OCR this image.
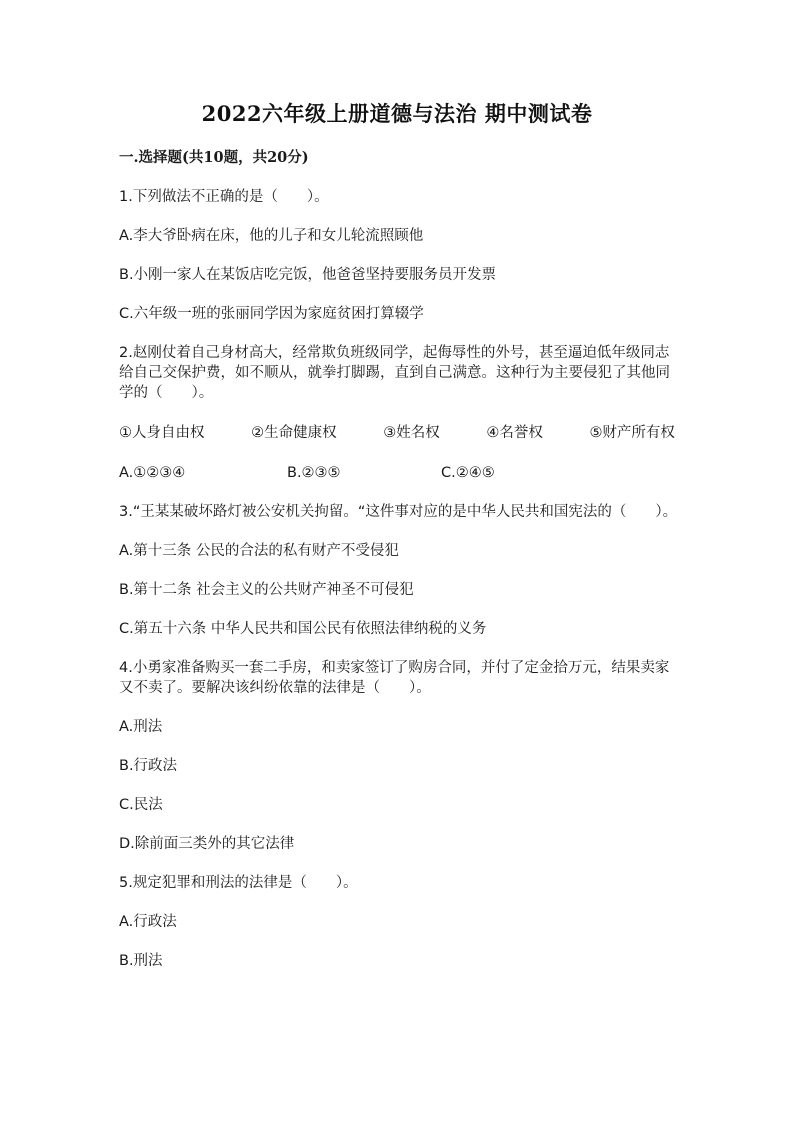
2022六年级上册道德与法治 期中测试卷
一.选择题(共10题，共20分)
1.下列做法不正确的是（　　）。
A.李大爷卧病在床，他的儿子和女儿轮流照顾他
B.小刚一家人在某饭店吃完饭，他爸爸坚持要服务员开发票
C.六年级一班的张丽同学因为家庭贫困打算辍学
2.赵刚仗着自己身材高大，经常欺负班级同学，起侮辱性的外号，甚至逼迫低年级同志给自己交保护费，如不顺从，就拳打脚踢，直到自己满意。这种行为主要侵犯了其他同学的（　　）。
①人身自由权	②生命健康权	③姓名权	④名誉权	⑤财产所有权
A.①②③④	B.②③⑤	C.②④⑤
3.“王某某破坏路灯被公安机关拘留。“这件事对应的是中华人民共和国宪法的（　　）。
A.第十三条 公民的合法的私有财产不受侵犯
B.第十二条 社会主义的公共财产神圣不可侵犯
C.第五十六条 中华人民共和国公民有依照法律纳税的义务
4.小勇家准备购买一套二手房，和卖家签订了购房合同，并付了定金拾万元，结果卖家又不卖了。要解决该纠纷依靠的法律是（　　）。
A.刑法
B.行政法
C.民法
D.除前面三类外的其它法律
5.规定犯罪和刑法的法律是（　　）。
A.行政法
B.刑法
